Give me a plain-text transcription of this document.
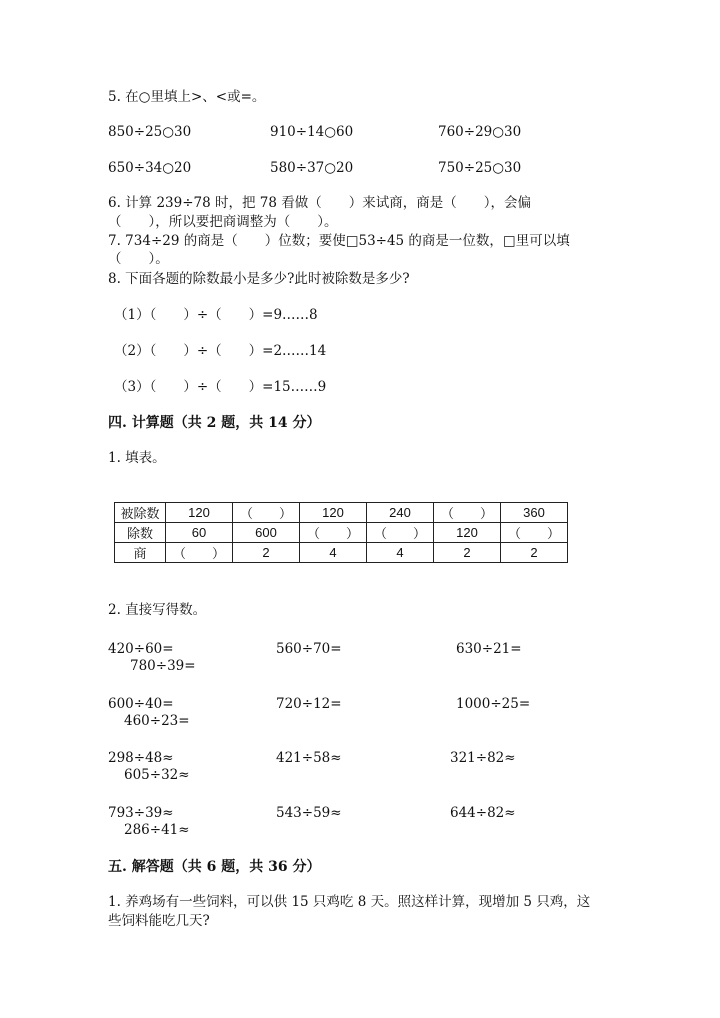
5. 在○里填上>、<或=。
850÷25○30	910÷14○60	760÷29○30
650÷34○20	580÷37○20	750÷25○30
6. 计算 239÷78 时，把 78 看做（　　）来试商，商是（　　），会偏
（　　），所以要把商调整为（　　）。
7. 734÷29 的商是（　　）位数；要使□53÷45 的商是一位数，□里可以填
（　　）。
8. 下面各题的除数最小是多少?此时被除数是多少?
（1）（　　）÷（　　）=9……8
（2）（　　）÷（　　）=2……14
（3）（　　）÷（　　）=15……9
四. 计算题（共 2 题，共 14 分）
1. 填表。
被除数	120	（　　）	120	240	（　　）	360
除数	60	600	（　　）	（　　）	120	（　　）
商	（　　）	2	4	4	2	2
2. 直接写得数。
420÷60=	560÷70=	630÷21=
780÷39=
600÷40=	720÷12=	1000÷25=
460÷23=
298÷48≈	421÷58≈	321÷82≈
605÷32≈
793÷39≈	543÷59≈	644÷82≈
286÷41≈
五. 解答题（共 6 题，共 36 分）
1. 养鸡场有一些饲料，可以供 15 只鸡吃 8 天。照这样计算，现增加 5 只鸡，这
些饲料能吃几天?
